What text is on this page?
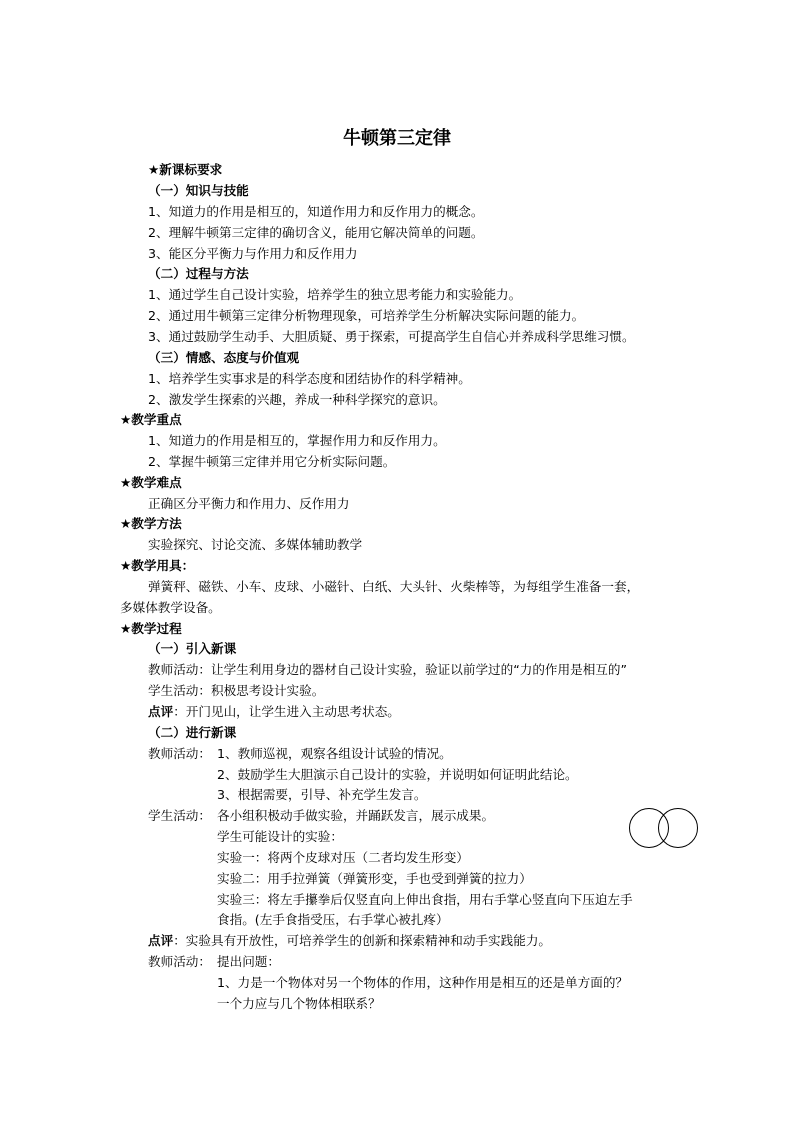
牛顿第三定律
★新课标要求
（一）知识与技能
1、知道力的作用是相互的，知道作用力和反作用力的概念。
2、理解牛顿第三定律的确切含义，能用它解决简单的问题。
3、能区分平衡力与作用力和反作用力
（二）过程与方法
1、通过学生自己设计实验，培养学生的独立思考能力和实验能力。
2、通过用牛顿第三定律分析物理现象，可培养学生分析解决实际问题的能力。
3、通过鼓励学生动手、大胆质疑、勇于探索，可提高学生自信心并养成科学思维习惯。
（三）情感、态度与价值观
1、培养学生实事求是的科学态度和团结协作的科学精神。
2、激发学生探索的兴趣，养成一种科学探究的意识。
★教学重点
1、知道力的作用是相互的，掌握作用力和反作用力。
2、掌握牛顿第三定律并用它分析实际问题。
★教学难点
正确区分平衡力和作用力、反作用力
★教学方法
实验探究、讨论交流、多媒体辅助教学
★教学用具：
弹簧秤、磁铁、小车、皮球、小磁针、白纸、大头针、火柴棒等，为每组学生准备一套，
多媒体教学设备。
★教学过程
（一）引入新课
教师活动：让学生利用身边的器材自己设计实验，验证以前学过的“力的作用是相互的”
学生活动：积极思考设计实验。
点评：开门见山，让学生进入主动思考状态。
（二）进行新课
教师活动： 1、教师巡视，观察各组设计试验的情况。
2、鼓励学生大胆演示自己设计的实验，并说明如何证明此结论。
3、根据需要，引导、补充学生发言。
学生活动： 各小组积极动手做实验，并踊跃发言，展示成果。
学生可能设计的实验：
实验一：将两个皮球对压（二者均发生形变）
实验二：用手拉弹簧（弹簧形变，手也受到弹簧的拉力）
实验三：将左手攥拳后仅竖直向上伸出食指，用右手掌心竖直向下压迫左手
食指。(左手食指受压，右手掌心被扎疼）
点评：实验具有开放性，可培养学生的创新和探索精神和动手实践能力。
教师活动： 提出问题：
1、力是一个物体对另一个物体的作用，这种作用是相互的还是单方面的？
一个力应与几个物体相联系？
